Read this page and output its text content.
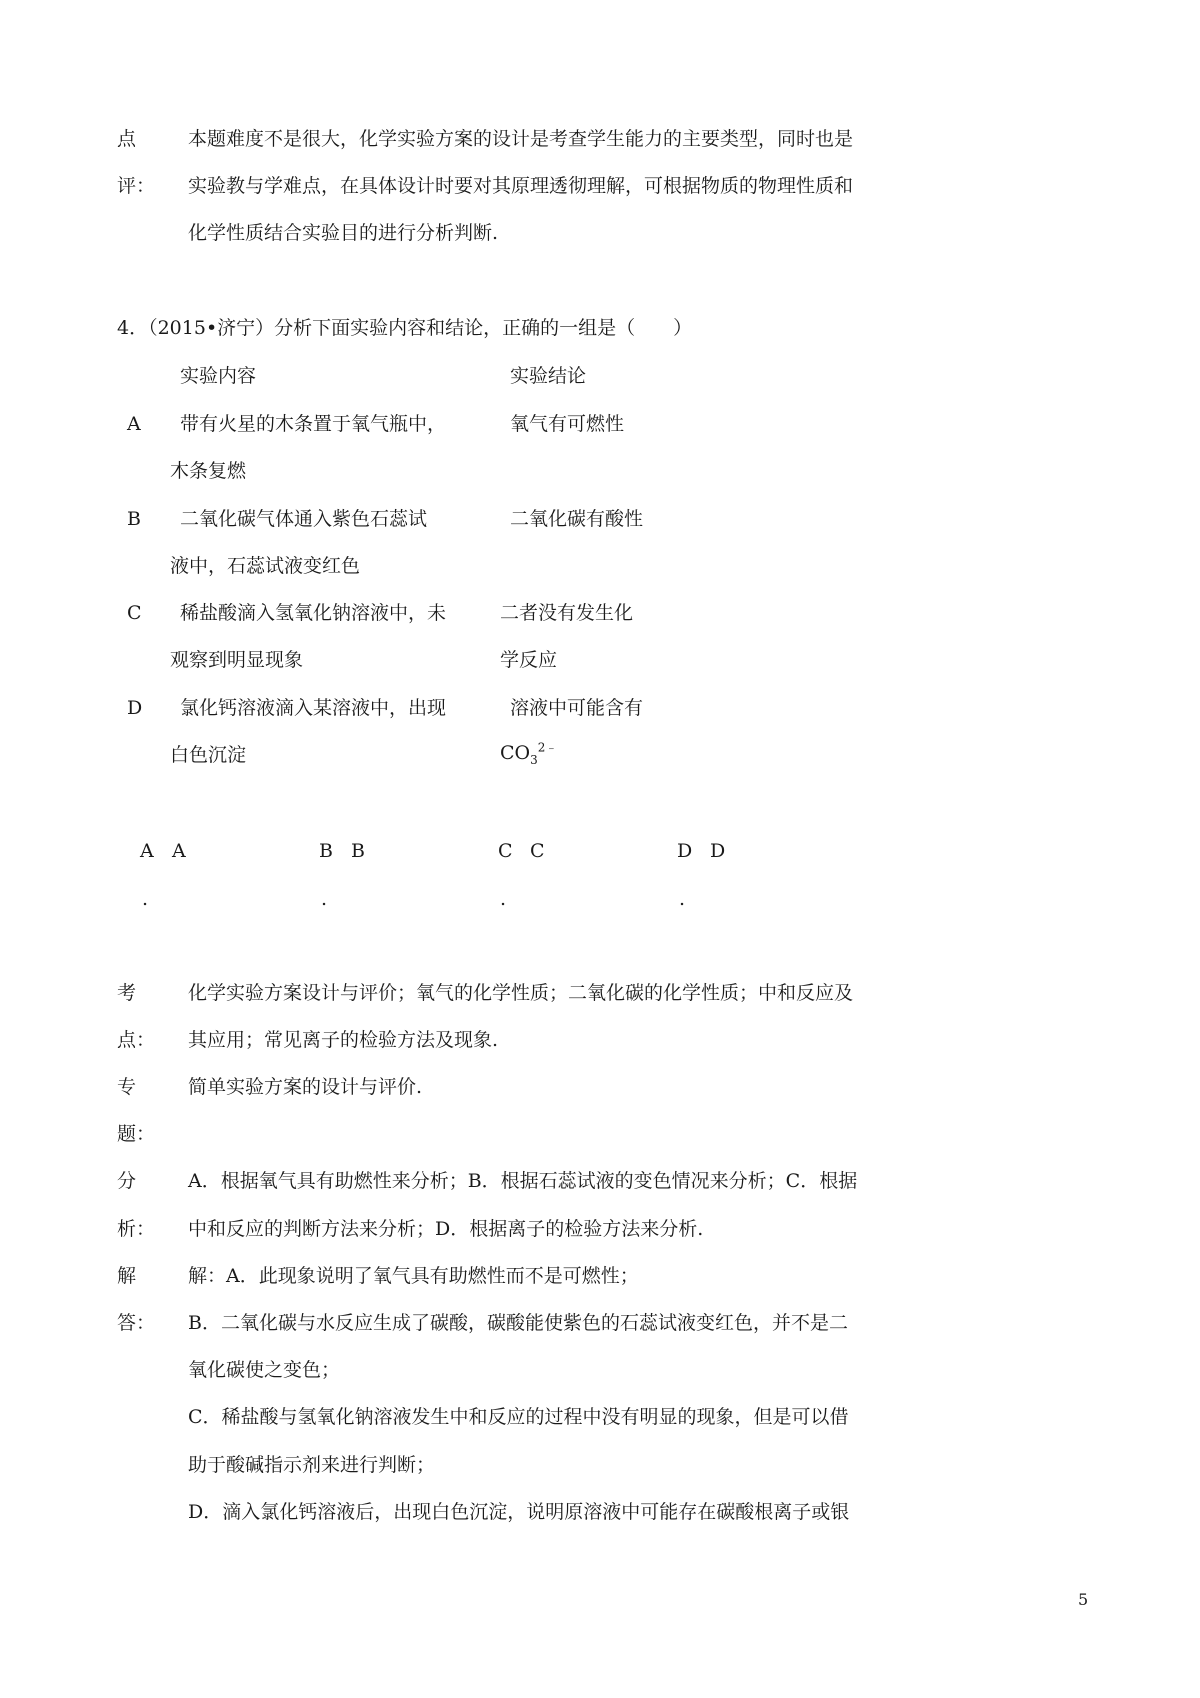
点
评：
本题难度不是很大，化学实验方案的设计是考查学生能力的主要类型，同时也是
实验教与学难点，在具体设计时要对其原理透彻理解，可根据物质的物理性质和
化学性质结合实验目的进行分析判断.
4．（2015•济宁）分析下面实验内容和结论，正确的一组是（　　）
实验内容	实验结论
A 带有火星的木条置于氧气瓶中，	氧气有可燃性
木条复燃
B 二氧化碳气体通入紫色石蕊试	二氧化碳有酸性
液中，石蕊试液变红色
C 稀盐酸滴入氢氧化钠溶液中，未	二者没有发生化
观察到明显现象	学反应
D 氯化钙溶液滴入某溶液中，出现	溶液中可能含有
白色沉淀	$CO_3^{2﹣}$
A A
.
B B
.
C C
.
D D
.
考
点：
化学实验方案设计与评价；氧气的化学性质；二氧化碳的化学性质；中和反应及
其应用；常见离子的检验方法及现象.
专
题：
简单实验方案的设计与评价.
分
析：
A．根据氧气具有助燃性来分析；B．根据石蕊试液的变色情况来分析；C．根据
中和反应的判断方法来分析；D．根据离子的检验方法来分析.
解
答：
解：A．此现象说明了氧气具有助燃性而不是可燃性；
B．二氧化碳与水反应生成了碳酸，碳酸能使紫色的石蕊试液变红色，并不是二
氧化碳使之变色；
C．稀盐酸与氢氧化钠溶液发生中和反应的过程中没有明显的现象，但是可以借
助于酸碱指示剂来进行判断；
D．滴入氯化钙溶液后，出现白色沉淀，说明原溶液中可能存在碳酸根离子或银
5
